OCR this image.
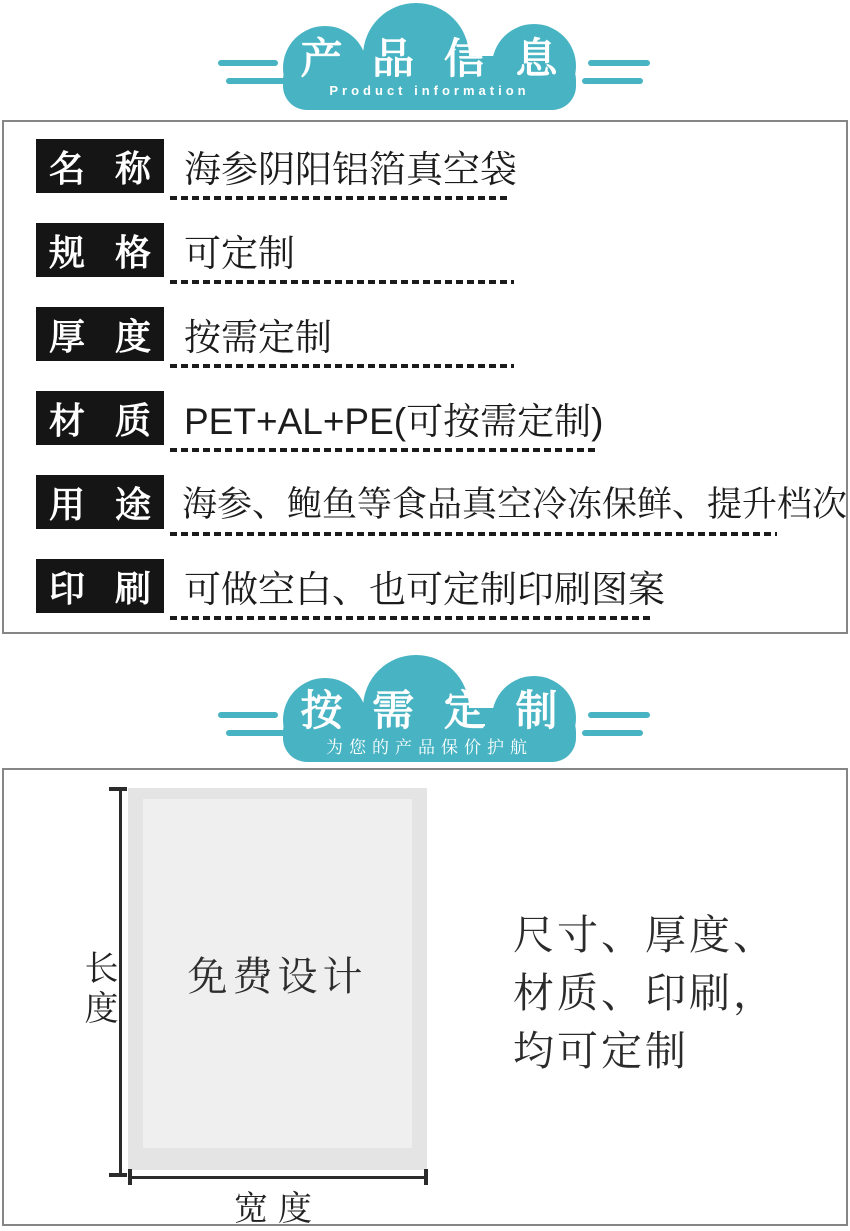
产 品 信 息
Product information
名 称 海参阴阳铝箔真空袋
规 格 可定制
厚 度 按需定制
材 质 PET+AL+PE(可按需定制)
用 途 海参、鲍鱼等食品真空冷冻保鲜、提升档次
印 刷 可做空白、也可定制印刷图案
按 需 定 制
为您的产品保价护航
免费设计
长度
宽度
尺寸、厚度、
材质、印刷，
均可定制
